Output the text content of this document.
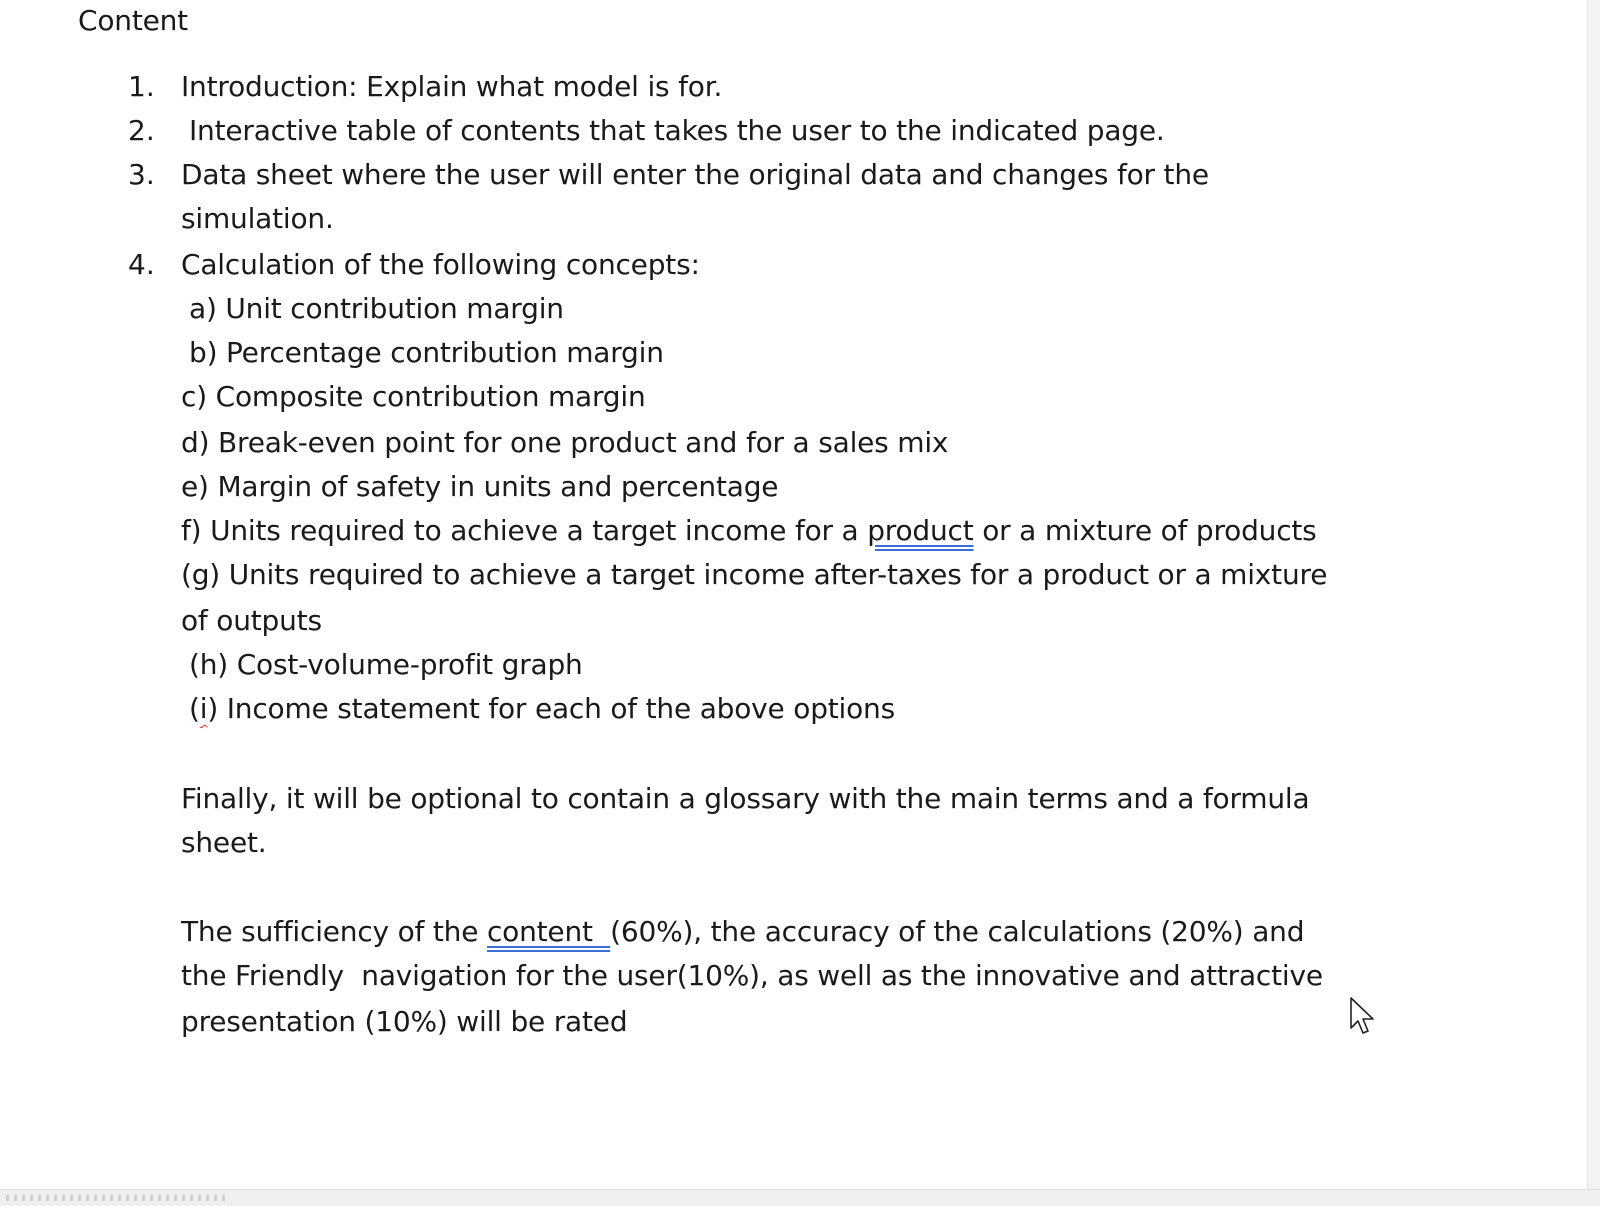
Content
1. Introduction: Explain what model is for.
2. Interactive table of contents that takes the user to the indicated page.
3. Data sheet where the user will enter the original data and changes for the
simulation.
4. Calculation of the following concepts:
a) Unit contribution margin
b) Percentage contribution margin
c) Composite contribution margin
d) Break-even point for one product and for a sales mix
e) Margin of safety in units and percentage
f) Units required to achieve a target income for a product or a mixture of products
(g) Units required to achieve a target income after-taxes for a product or a mixture
of outputs
(h) Cost-volume-profit graph
(i) Income statement for each of the above options
Finally, it will be optional to contain a glossary with the main terms and a formula
sheet.
The sufficiency of the content  (60%), the accuracy of the calculations (20%) and
the Friendly  navigation for the user(10%), as well as the innovative and attractive
presentation (10%) will be rated
